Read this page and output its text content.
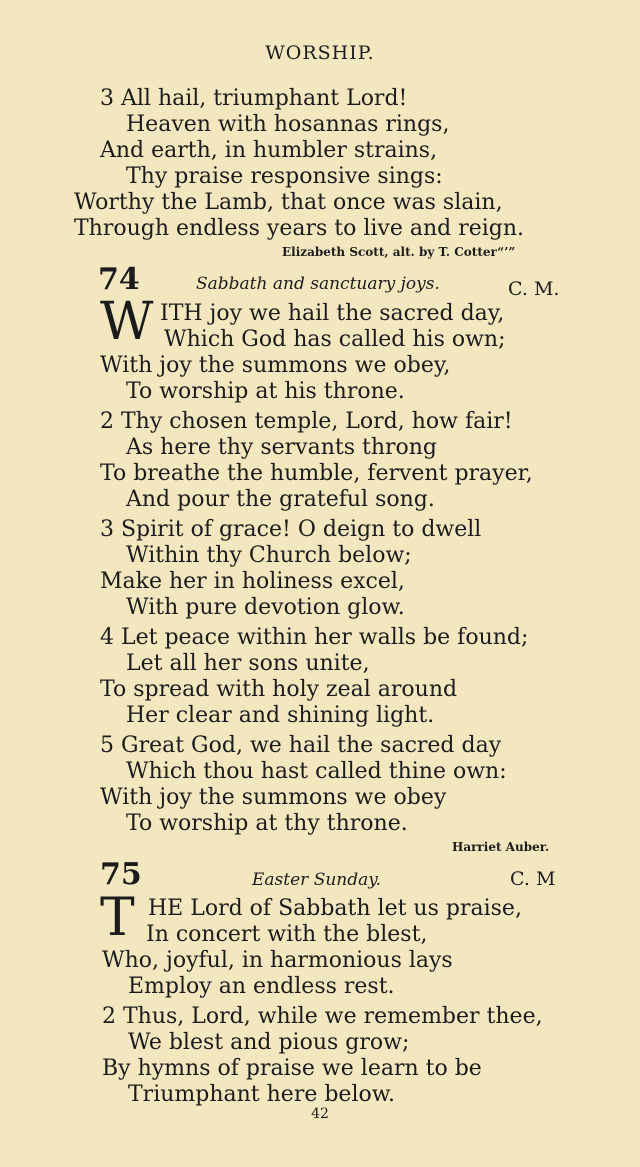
WORSHIP.
3 All hail, triumphant Lord!
Heaven with hosannas rings,
And earth, in humbler strains,
Thy praise responsive sings:
Worthy the Lamb, that once was slain,
Through endless years to live and reign.
Elizabeth Scott, alt. by T. Cotter“’”
74	Sabbath and sanctuary joys.	C. M.
W ITH joy we hail the sacred day,
Which God has called his own;
With joy the summons we obey,
To worship at his throne.
2 Thy chosen temple, Lord, how fair!
As here thy servants throng
To breathe the humble, fervent prayer,
And pour the grateful song.
3 Spirit of grace! O deign to dwell
Within thy Church below;
Make her in holiness excel,
With pure devotion glow.
4 Let peace within her walls be found;
Let all her sons unite,
To spread with holy zeal around
Her clear and shining light.
5 Great God, we hail the sacred day
Which thou hast called thine own:
With joy the summons we obey
To worship at thy throne.
Harriet Auber.
75	Easter Sunday.	C. M
T HE Lord of Sabbath let us praise,
In concert with the blest,
Who, joyful, in harmonious lays
Employ an endless rest.
2 Thus, Lord, while we remember thee,
We blest and pious grow;
By hymns of praise we learn to be
Triumphant here below.
42
